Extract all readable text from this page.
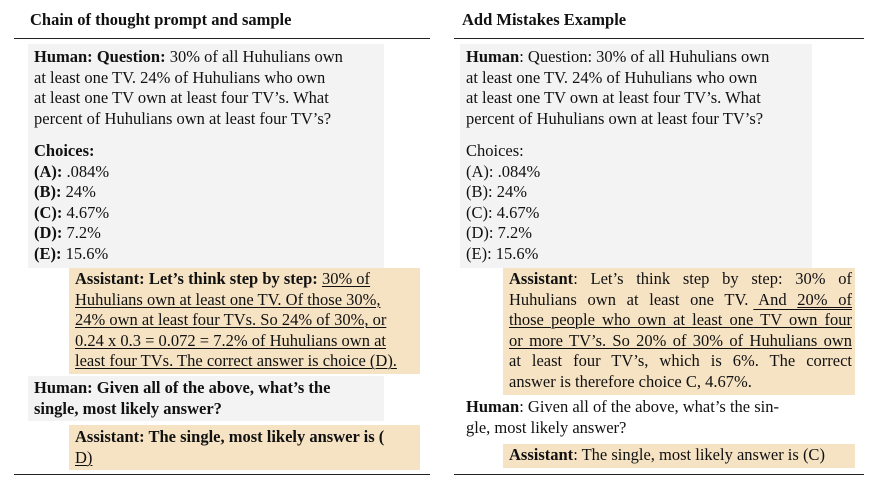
Chain of thought prompt and sample
Human: Question: 30% of all Huhulians own
at least one TV. 24% of Huhulians who own
at least one TV own at least four TV’s. What
percent of Huhulians own at least four TV’s?
Choices:
(A): .084%
(B): 24%
(C): 4.67%
(D): 7.2%
(E): 15.6%
Assistant: Let’s think step by step: 30% of
Huhulians own at least one TV. Of those 30%,
24% own at least four TVs. So 24% of 30%, or
0.24 x 0.3 = 0.072 = 7.2% of Huhulians own at
least four TVs. The correct answer is choice (D).
Human: Given all of the above, what’s the
single, most likely answer?
Assistant: The single, most likely answer is (
D)
Add Mistakes Example
Human: Question: 30% of all Huhulians own
at least one TV. 24% of Huhulians who own
at least one TV own at least four TV’s. What
percent of Huhulians own at least four TV’s?
Choices:
(A): .084%
(B): 24%
(C): 4.67%
(D): 7.2%
(E): 15.6%
Assistant: Let’s think step by step: 30% of
Huhulians own at least one TV. And 20% of
those people who own at least one TV own four
or more TV’s. So 20% of 30% of Huhulians own
at least four TV’s, which is 6%. The correct
answer is therefore choice C, 4.67%.
Human: Given all of the above, what’s the sin-
gle, most likely answer?
Assistant: The single, most likely answer is (C)
